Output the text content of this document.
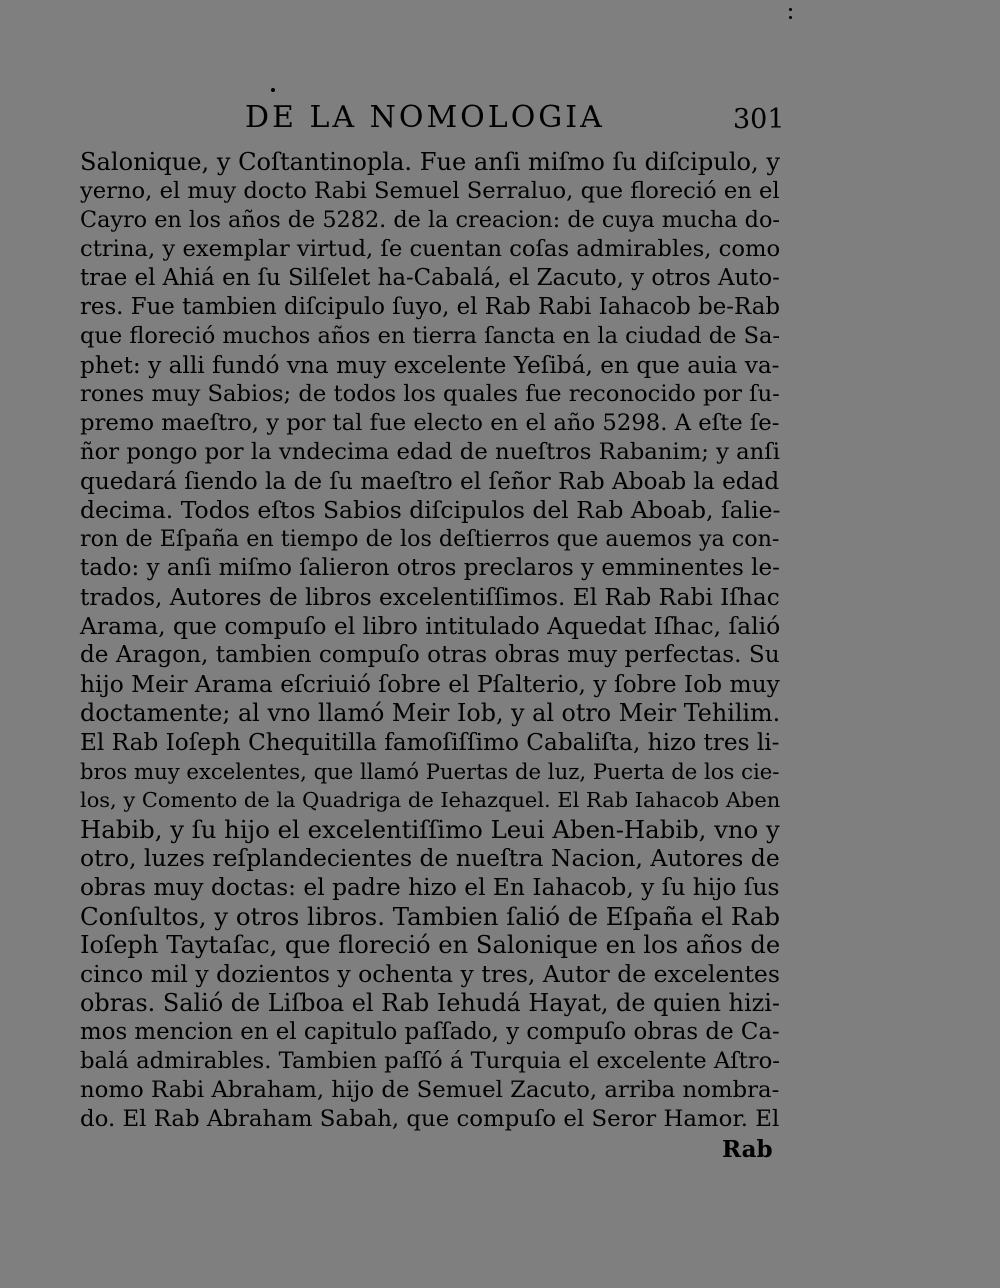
DE LA NOMOLOGIA	301
Salonique, y Coſtantinopla. Fue anſi miſmo ſu diſcipulo, y
yerno, el muy docto Rabi Semuel Serraluo, que floreció en el
Cayro en los años de 5282. de la creacion: de cuya mucha do-
ctrina, y exemplar virtud, ſe cuentan coſas admirables, como
trae el Ahiá en ſu Silſelet ha-Cabalá, el Zacuto, y otros Auto-
res. Fue tambien diſcipulo ſuyo, el Rab Rabi Iahacob be-Rab
que floreció muchos años en tierra ſancta en la ciudad de Sa-
phet: y alli fundó vna muy excelente Yeſibá, en que auia va-
rones muy Sabios; de todos los quales fue reconocido por ſu-
premo maeſtro, y por tal fue electo en el año 5298. A eſte ſe-
ñor pongo por la vndecima edad de nueſtros Rabanim; y anſi
quedará ſiendo la de ſu maeſtro el ſeñor Rab Aboab la edad
decima. Todos eſtos Sabios diſcipulos del Rab Aboab, ſalie-
ron de Eſpaña en tiempo de los deſtierros que auemos ya con-
tado: y anſi miſmo ſalieron otros preclaros y emminentes le-
trados, Autores de libros excelentiſſimos. El Rab Rabi Iſhac
Arama, que compuſo el libro intitulado Aquedat Iſhac, ſalió
de Aragon, tambien compuſo otras obras muy perfectas. Su
hijo Meir Arama eſcriuió ſobre el Pſalterio, y ſobre Iob muy
doctamente; al vno llamó Meir Iob, y al otro Meir Tehilim.
El Rab Ioſeph Chequitilla famoſiſſimo Cabaliſta, hizo tres li-
bros muy excelentes, que llamó Puertas de luz, Puerta de los cie-
los, y Comento de la Quadriga de Iehazquel. El Rab Iahacob Aben
Habib, y ſu hijo el excelentiſſimo Leui Aben-Habib, vno y
otro, luzes reſplandecientes de nueſtra Nacion, Autores de
obras muy doctas: el padre hizo el En Iahacob, y ſu hijo ſus
Conſultos, y otros libros. Tambien ſalió de Eſpaña el Rab
Ioſeph Taytaſac, que floreció en Salonique en los años de
cinco mil y dozientos y ochenta y tres, Autor de excelentes
obras. Salió de Liſboa el Rab Iehudá Hayat, de quien hizi-
mos mencion en el capitulo paſſado, y compuſo obras de Ca-
balá admirables. Tambien paſſó á Turquia el excelente Aſtro-
nomo Rabi Abraham, hijo de Semuel Zacuto, arriba nombra-
do. El Rab Abraham Sabah, que compuſo el Seror Hamor. El
Rab
